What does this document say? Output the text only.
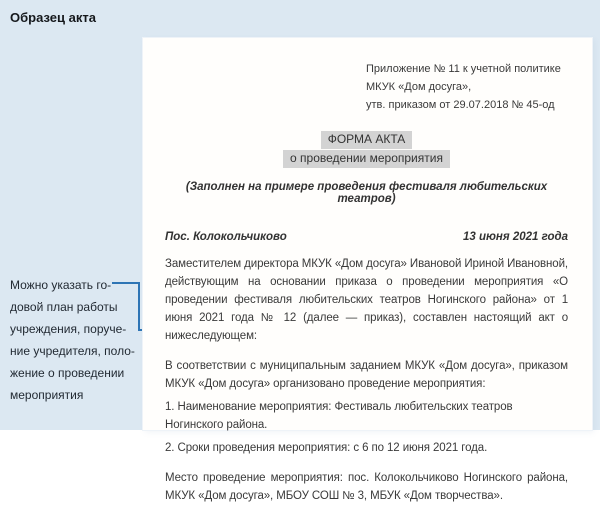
Образец акта
Можно указать го-
довой план работы
учреждения, поруче-
ние учредителя, поло-
жение о проведении
мероприятия
Приложение № 11 к учетной политике
МКУК «Дом досуга»,
утв. приказом от 29.07.2018 № 45-од
ФОРМА АКТА
о проведении мероприятия

(Заполнен на примере проведения фестиваля любительских театров)

Пос. Колокольчиково	13 июня 2021 года

Заместителем директора МКУК «Дом досуга» Ивановой Ириной Ивановной, действующим на основании приказа о проведении мероприятия «О проведении фестиваля любительских театров Ногинского района» от 1 июня 2021 года № 12 (далее — приказ), составлен настоящий акт о нижеследующем:

В соответствии с муниципальным заданием МКУК «Дом досуга», приказом МКУК «Дом досуга» организовано проведение мероприятия:

1. Наименование мероприятия: Фестиваль любительских театров Ногинского района.

2. Сроки проведения мероприятия: с 6 по 12 июня 2021 года.

Место проведение мероприятия: пос. Колокольчиково Ногинского района, МКУК «Дом досуга», МБОУ СОШ № 3, МБУК «Дом творчества».
